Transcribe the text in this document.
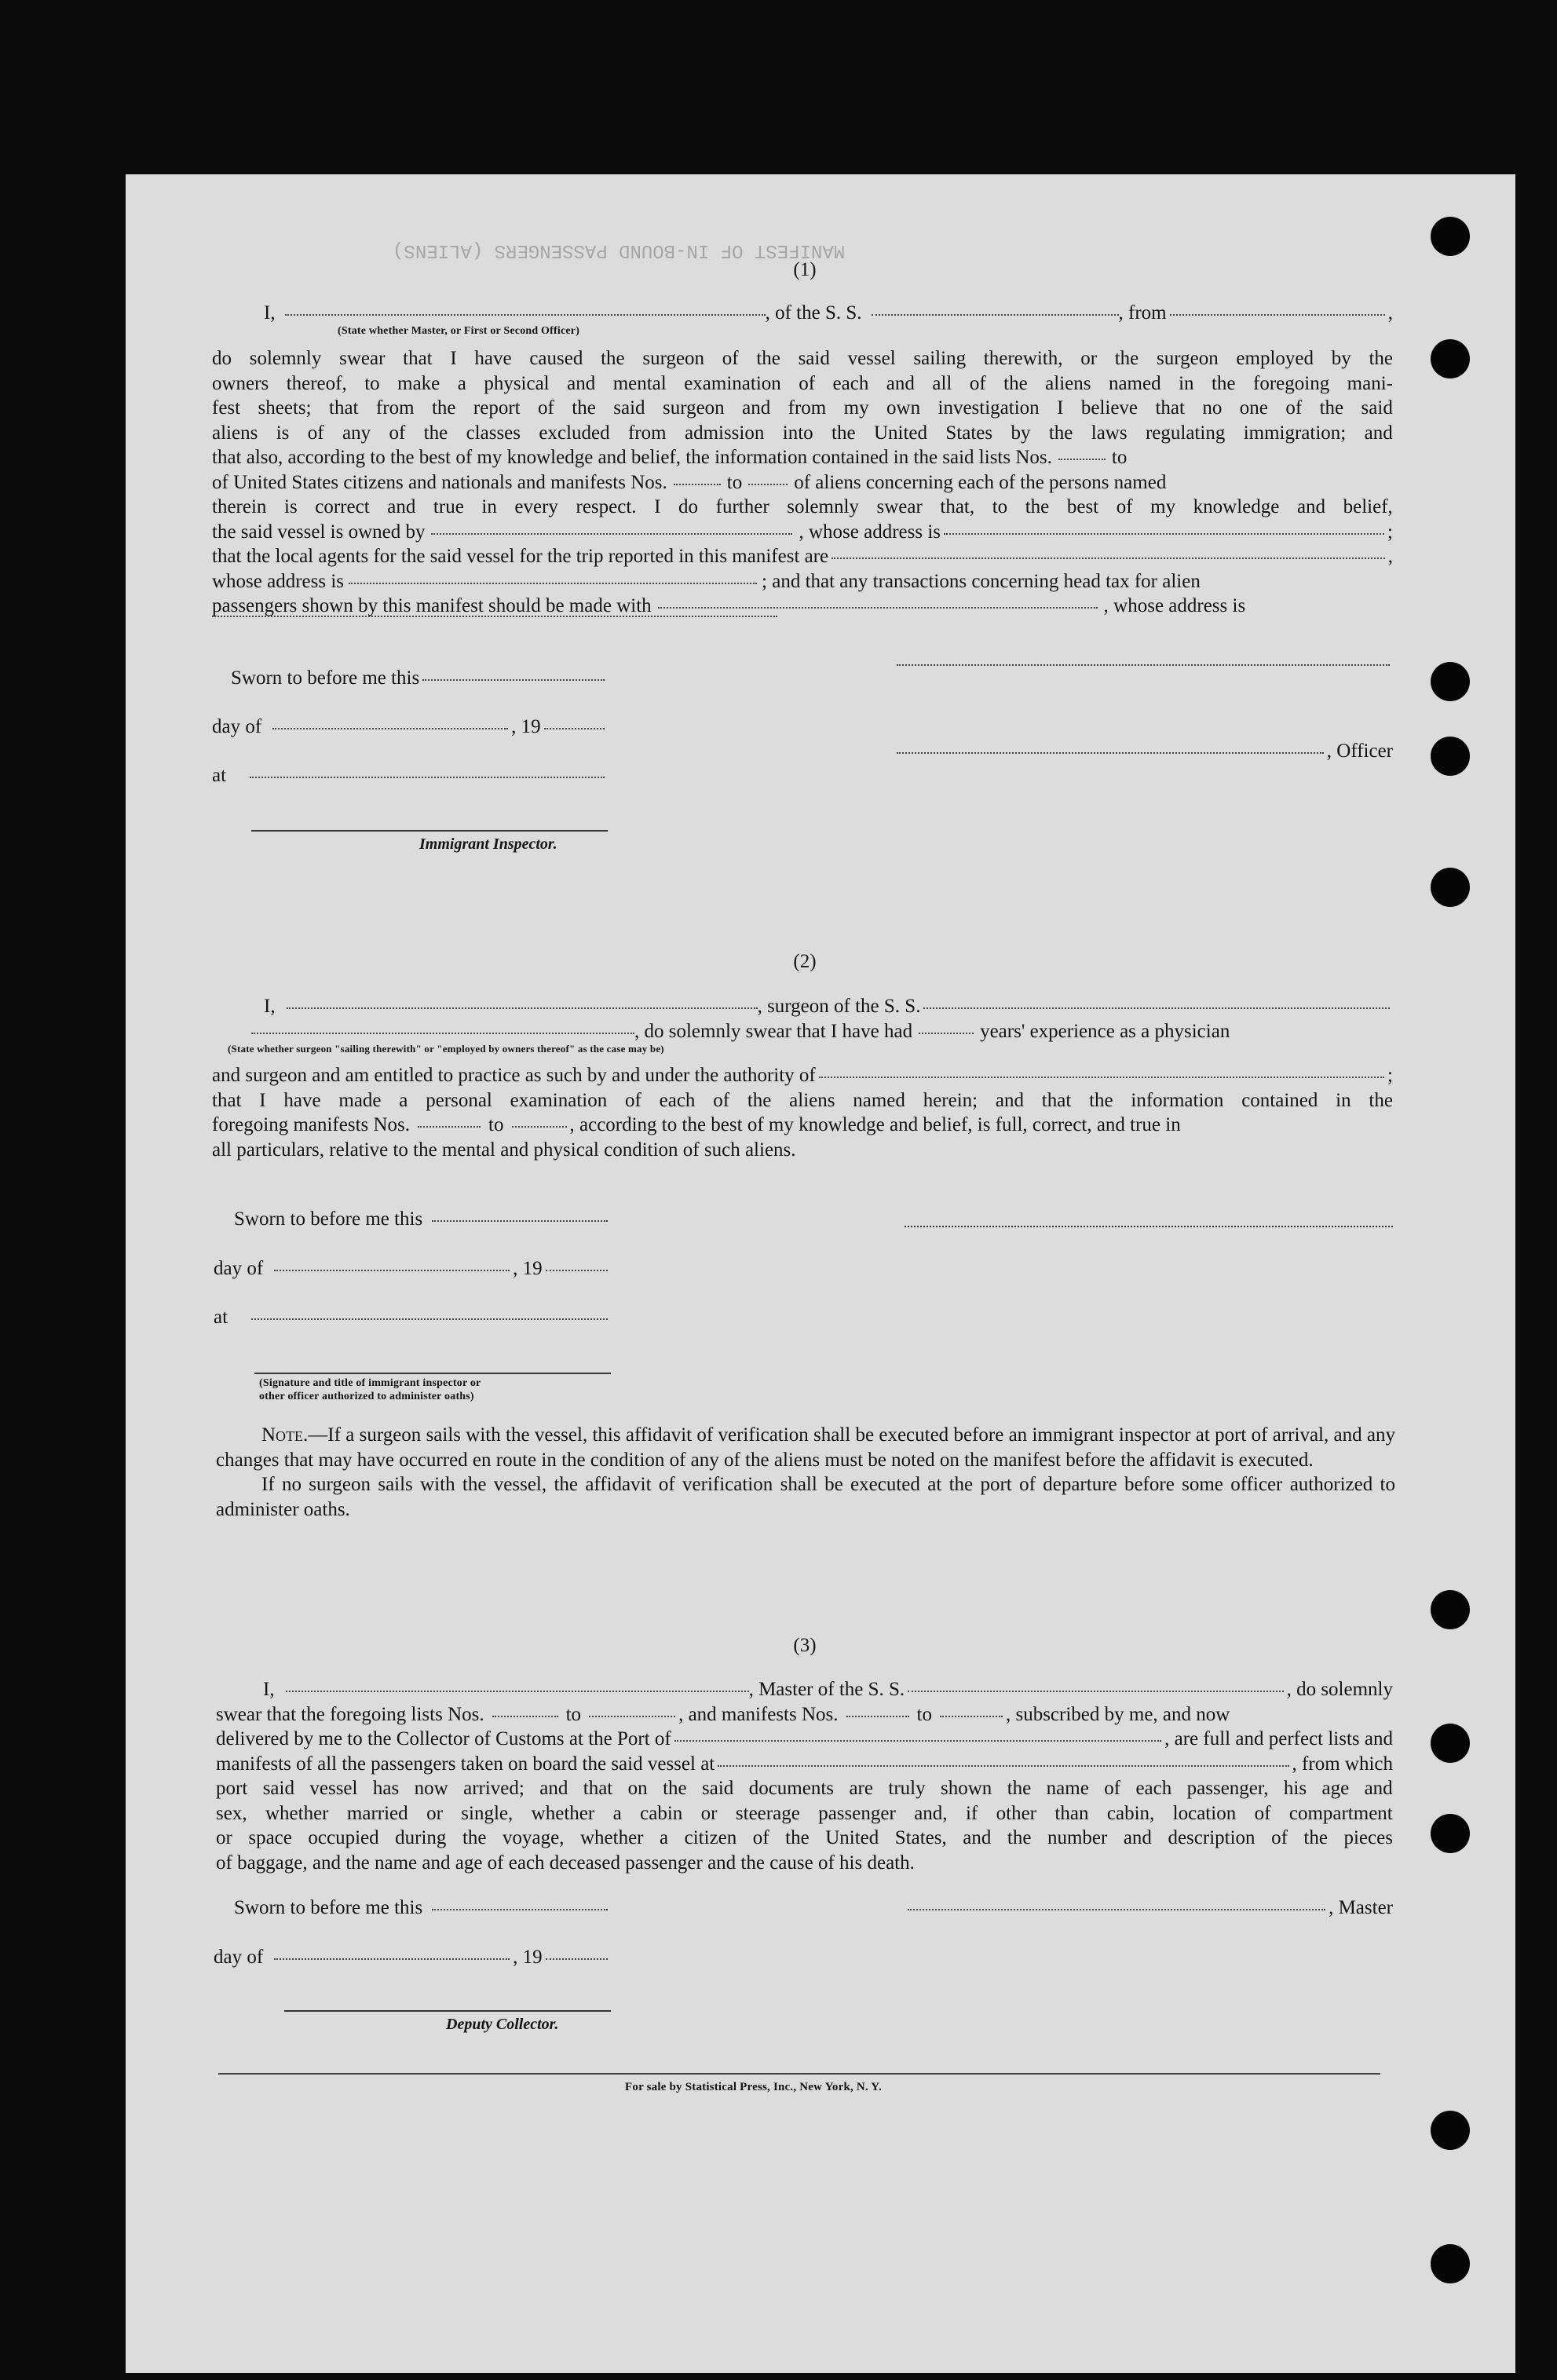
MANIFEST OF IN-BOUND PASSENGERS (ALIENS)
(1)
I,	, of the S. S.	, from	,
(State whether Master, or First or Second Officer)
do solemnly swear that I have caused the surgeon of the said vessel sailing therewith, or the surgeon employed by the
owners thereof, to make a physical and mental examination of each and all of the aliens named in the foregoing mani-
fest sheets; that from the report of the said surgeon and from my own investigation I believe that no one of the said
aliens is of any of the classes excluded from admission into the United States by the laws regulating immigration; and
that also, according to the best of my knowledge and belief, the information contained in the said lists Nos.	to
of United States citizens and nationals and manifests Nos.	to	of aliens concerning each of the persons named
therein is correct and true in every respect. I do further solemnly swear that, to the best of my knowledge and belief,
the said vessel is owned by	, whose address is	;
that the local agents for the said vessel for the trip reported in this manifest are	,
whose address is	; and that any transactions concerning head tax for alien
passengers shown by this manifest should be made with	, whose address is
Sworn to before me this
day of	, 19
at
Immigrant Inspector.
, Officer
(2)
I,	, surgeon of the S. S.
, do solemnly swear that I have had	years' experience as a physician
(State whether surgeon "sailing therewith" or "employed by owners thereof" as the case may be)
and surgeon and am entitled to practice as such by and under the authority of	;
that I have made a personal examination of each of the aliens named herein; and that the information contained in the
foregoing manifests Nos.	to	, according to the best of my knowledge and belief, is full, correct, and true in
all particulars, relative to the mental and physical condition of such aliens.
Sworn to before me this
day of	, 19
at
(Signature and title of immigrant inspector or
other officer authorized to administer oaths)

Note.—If a surgeon sails with the vessel, this affidavit of verification shall be executed before an immigrant inspector at port of arrival, and any changes that may have occurred en route in the condition of any of the aliens must be noted on the manifest before the affidavit is executed.

If no surgeon sails with the vessel, the affidavit of verification shall be executed at the port of departure before some officer authorized to administer oaths.

(3)
I,	, Master of the S. S.	, do solemnly
swear that the foregoing lists Nos.	to	, and manifests Nos.	to	, subscribed by me, and now
delivered by me to the Collector of Customs at the Port of	, are full and perfect lists and
manifests of all the passengers taken on board the said vessel at	, from which
port said vessel has now arrived; and that on the said documents are truly shown the name of each passenger, his age and
sex, whether married or single, whether a cabin or steerage passenger and, if other than cabin, location of compartment
or space occupied during the voyage, whether a citizen of the United States, and the number and description of the pieces
of baggage, and the name and age of each deceased passenger and the cause of his death.
Sworn to before me this	, Master
day of	, 19
Deputy Collector.
For sale by Statistical Press, Inc., New York, N. Y.
